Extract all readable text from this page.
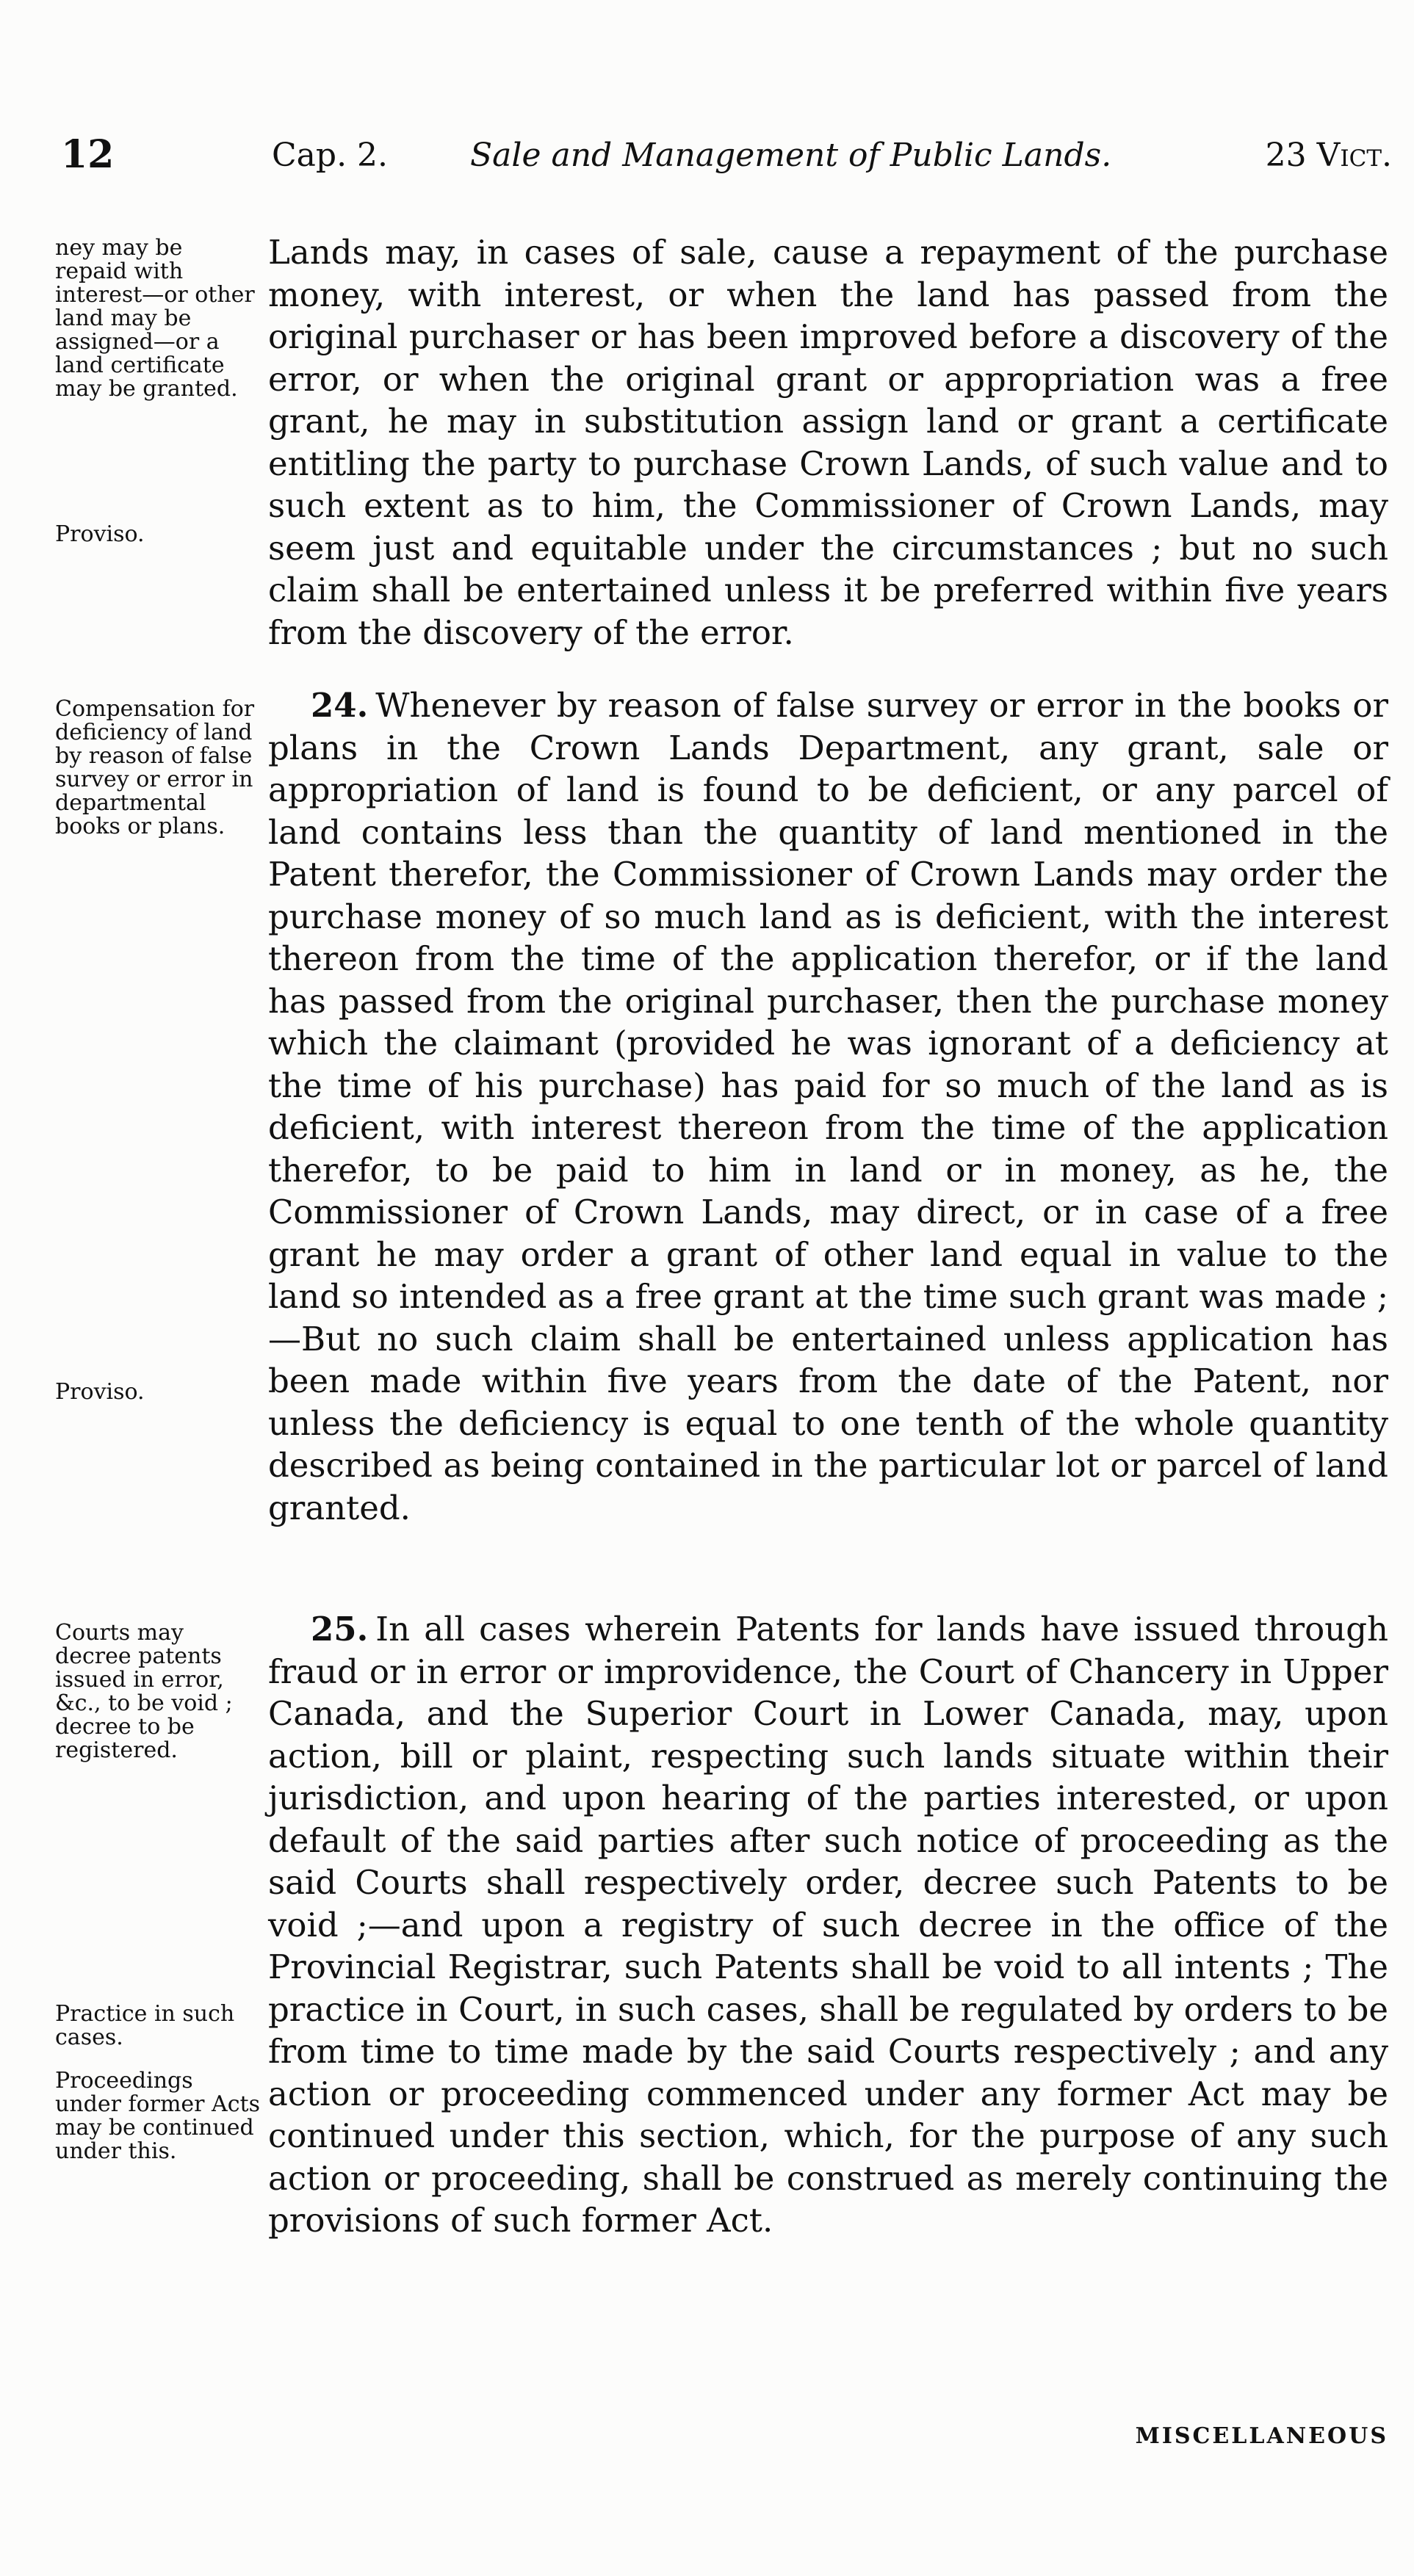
12	Cap. 2.	Sale and Management of Public Lands.	23 Vict.

Lands may, in cases of sale, cause a repayment of the purchase money, with interest, or when the land has passed from the original purchaser or has been improved before a discovery of the error, or when the original grant or appropriation was a free grant, he may in substitution assign land or grant a certificate entitling the party to purchase Crown Lands, of such value and to such extent as to him, the Commissioner of Crown Lands, may seem just and equitable under the circumstances ; but no such claim shall be entertained unless it be preferred within five years from the discovery of the error.

24. Whenever by reason of false survey or error in the books or plans in the Crown Lands Department, any grant, sale or appropriation of land is found to be deficient, or any parcel of land contains less than the quantity of land mentioned in the Patent therefor, the Commissioner of Crown Lands may order the purchase money of so much land as is deficient, with the interest thereon from the time of the application therefor, or if the land has passed from the original purchaser, then the purchase money which the claimant (provided he was ignorant of a deficiency at the time of his purchase) has paid for so much of the land as is deficient, with interest thereon from the time of the application therefor, to be paid to him in land or in money, as he, the Commissioner of Crown Lands, may direct, or in case of a free grant he may order a grant of other land equal in value to the land so intended as a free grant at the time such grant was made ;—But no such claim shall be entertained unless application has been made within five years from the date of the Patent, nor unless the deficiency is equal to one tenth of the whole quantity described as being contained in the particular lot or parcel of land granted.

25. In all cases wherein Patents for lands have issued through fraud or in error or improvidence, the Court of Chancery in Upper Canada, and the Superior Court in Lower Canada, may, upon action, bill or plaint, respecting such lands situate within their jurisdiction, and upon hearing of the parties interested, or upon default of the said parties after such notice of proceeding as the said Courts shall respectively order, decree such Patents to be void ;—and upon a registry of such decree in the office of the Provincial Registrar, such Patents shall be void to all intents ; The practice in Court, in such cases, shall be regulated by orders to be from time to time made by the said Courts respectively ; and any action or proceeding commenced under any former Act may be continued under this section, which, for the purpose of any such action or proceeding, shall be construed as merely continuing the provisions of such former Act.

ney may be repaid with interest—or other land may be assigned—or a land certificate may be granted.

Proviso.

Compensation for deficiency of land by reason of false survey or error in departmental books or plans.

Proviso.

Courts may decree patents issued in error, &c., to be void ; decree to be registered.

Practice in such cases.

Proceedings under former Acts may be continued under this.

MISCELLANEOUS
